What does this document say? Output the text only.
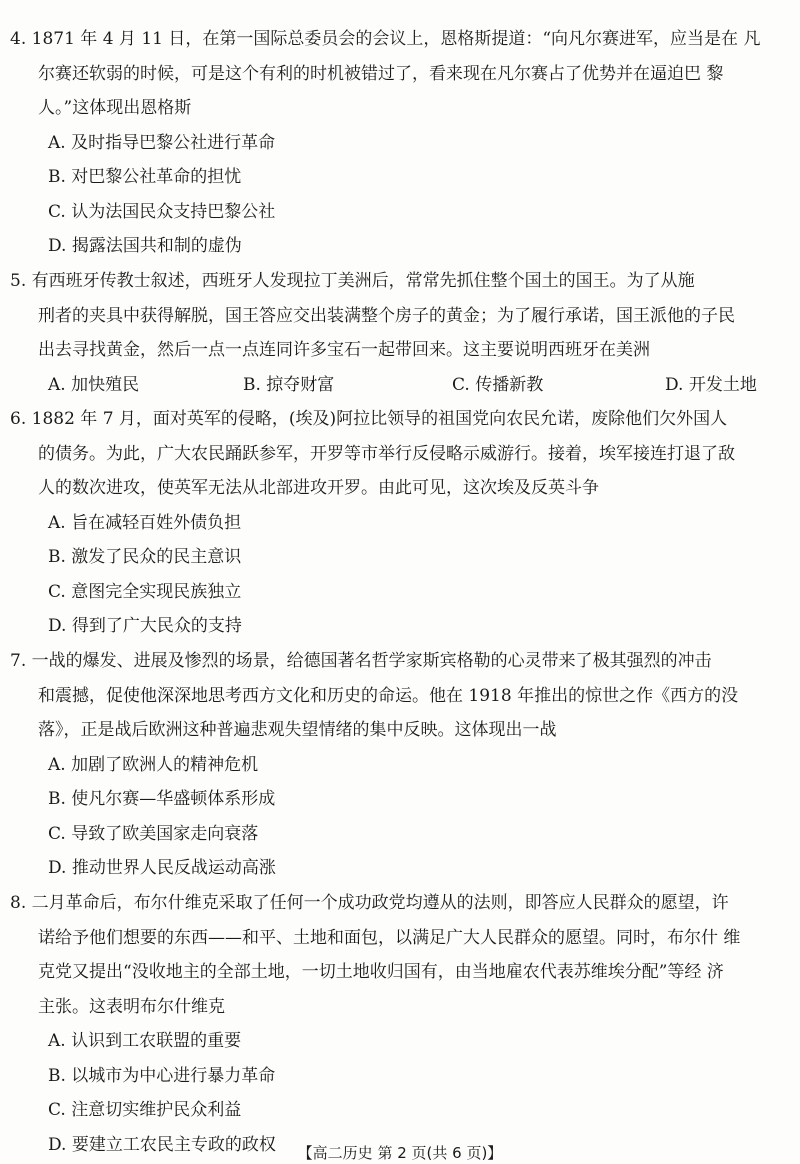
4. 1871 年 4 月 11 日，在第一国际总委员会的会议上，恩格斯提道：“向凡尔赛进军，应当是在 凡
尔赛还软弱的时候，可是这个有利的时机被错过了，看来现在凡尔赛占了优势并在逼迫巴 黎
人。”这体现出恩格斯
A. 及时指导巴黎公社进行革命
B. 对巴黎公社革命的担忧
C. 认为法国民众支持巴黎公社
D. 揭露法国共和制的虚伪
5. 有西班牙传教士叙述，西班牙人发现拉丁美洲后，常常先抓住整个国土的国王。为了从施
刑者的夹具中获得解脱，国王答应交出装满整个房子的黄金；为了履行承诺，国王派他的子民
出去寻找黄金，然后一点一点连同许多宝石一起带回来。这主要说明西班牙在美洲
A. 加快殖民	B. 掠夺财富	C. 传播新教	D. 开发土地
6. 1882 年 7 月，面对英军的侵略，(埃及)阿拉比领导的祖国党向农民允诺，废除他们欠外国人
的债务。为此，广大农民踊跃参军，开罗等市举行反侵略示威游行。接着，埃军接连打退了敌
人的数次进攻，使英军无法从北部进攻开罗。由此可见，这次埃及反英斗争
A. 旨在减轻百姓外债负担
B. 激发了民众的民主意识
C. 意图完全实现民族独立
D. 得到了广大民众的支持
7. 一战的爆发、进展及惨烈的场景，给德国著名哲学家斯宾格勒的心灵带来了极其强烈的冲击
和震撼，促使他深深地思考西方文化和历史的命运。他在 1918 年推出的惊世之作《西方的没
落》，正是战后欧洲这种普遍悲观失望情绪的集中反映。这体现出一战
A. 加剧了欧洲人的精神危机
B. 使凡尔赛—华盛顿体系形成
C. 导致了欧美国家走向衰落
D. 推动世界人民反战运动高涨
8. 二月革命后，布尔什维克采取了任何一个成功政党均遵从的法则，即答应人民群众的愿望，许
诺给予他们想要的东西——和平、土地和面包，以满足广大人民群众的愿望。同时，布尔什 维
克党又提出“没收地主的全部土地，一切土地收归国有，由当地雇农代表苏维埃分配”等经 济
主张。这表明布尔什维克
A. 认识到工农联盟的重要
B. 以城市为中心进行暴力革命
C. 注意切实维护民众利益
D. 要建立工农民主专政的政权	【高二历史 第 2 页(共 6 页)】
